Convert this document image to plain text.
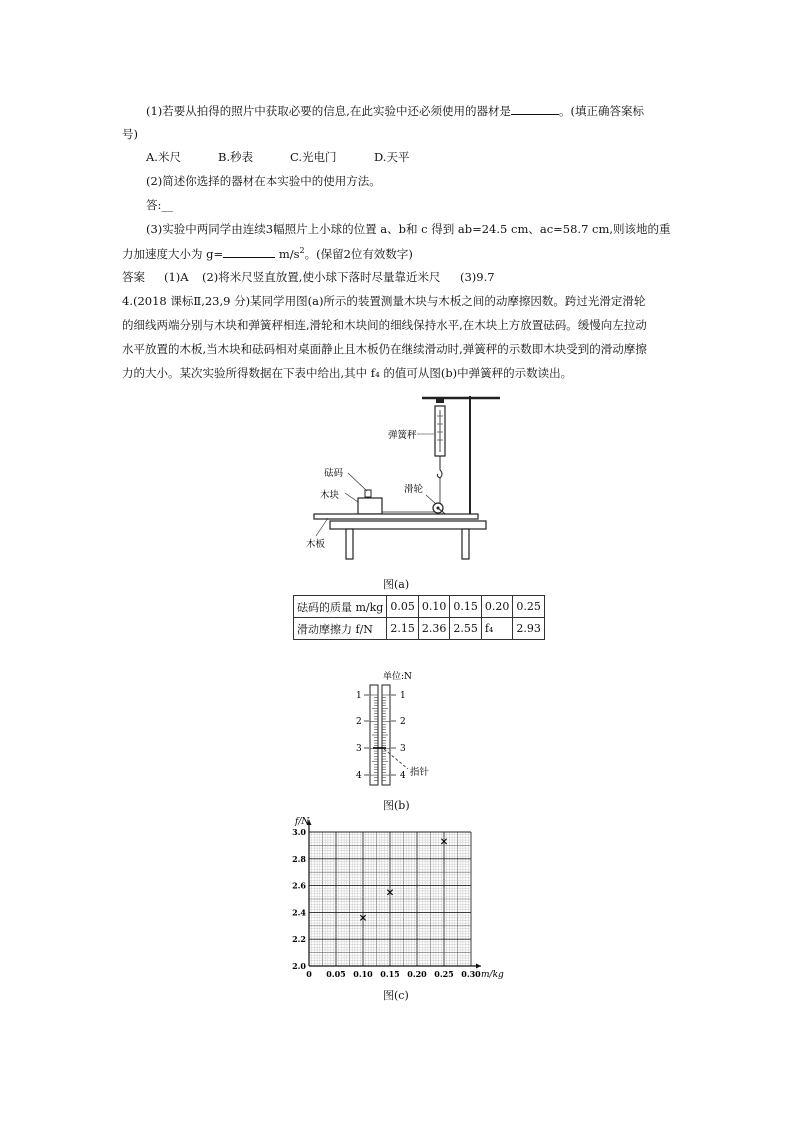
(1)若要从拍得的照片中获取必要的信息,在此实验中还必须使用的器材是	。(填正确答案标
号)
A.米尺	B.秒表	C.光电门	D.天平
(2)简述你选择的器材在本实验中的使用方法。
答:__
(3)实验中两同学由连续3幅照片上小球的位置 a、b和 c 得到 ab=24.5 cm、ac=58.7 cm,则该地的重
力加速度大小为 g=	$m/s^2$。(保留2位有效数字)
答案 (1)A (2)将米尺竖直放置,使小球下落时尽量靠近米尺 (3)9.7
4.(2018 课标Ⅱ,23,9 分)某同学用图(a)所示的装置测量木块与木板之间的动摩擦因数。跨过光滑定滑轮
的细线两端分别与木块和弹簧秤相连,滑轮和木块间的细线保持水平,在木块上方放置砝码。缓慢向左拉动
水平放置的木板,当木块和砝码相对桌面静止且木板仍在继续滑动时,弹簧秤的示数即木块受到的滑动摩擦
力的大小。某次实验所得数据在下表中给出,其中 f₄ 的值可从图(b)中弹簧秤的示数读出。
弹簧秤
砝码
木块
滑轮
木板
图(a)
砝码的质量 m/kg	0.05	0.10	0.15	0.20	0.25
滑动摩擦力 f/N	2.15	2.36	2.55	f₄	2.93
单位:N
1
2
3
4
1
2
3
4 指针
图(b)
0 0.05 0.10 0.15 0.20 0.25 0.30
2.0
2.2
2.4
2.6
2.8
3.0
f/N
m/kg
图(c)
